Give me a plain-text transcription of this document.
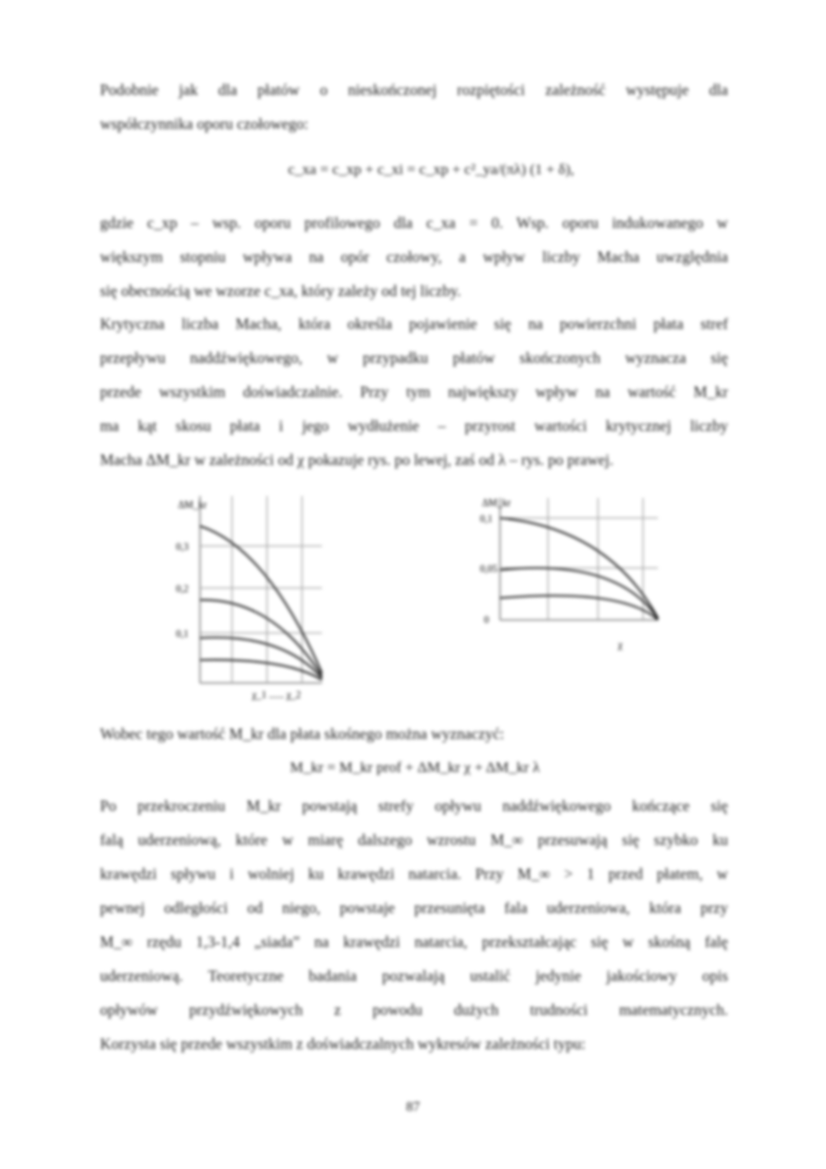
Podobnie jak dla płatów o nieskończonej rozpiętości zależność występuje dla
współczynnika oporu czołowego:
c_xa = c_xp + c_xi = c_xp + c²_ya/(πλ) (1 + δ),
gdzie c_xp – wsp. oporu profilowego dla c_xa = 0. Wsp. oporu indukowanego w
większym stopniu wpływa na opór czołowy, a wpływ liczby Macha uwzględnia
się obecnością we wzorze c_xa, który zależy od tej liczby.
Krytyczna liczba Macha, która określa pojawienie się na powierzchni płata stref
przepływu naddźwiękowego, w przypadku płatów skończonych wyznacza się
przede wszystkim doświadczalnie. Przy tym największy wpływ na wartość M_kr
ma kąt skosu płata i jego wydłużenie – przyrost wartości krytycznej liczby
Macha ΔM_kr w zależności od χ pokazuje rys. po lewej, zaś od λ – rys. po prawej.
ΔM_kr
0,3
0,2
0,1
χ_1 ...... χ_2
ΔM_kr
0,1
0,05
0
χ
Wobec tego wartość M_kr dla płata skośnego można wyznaczyć:
M_kr = M_kr prof + ΔM_kr χ + ΔM_kr λ
Po przekroczeniu M_kr powstają strefy opływu naddźwiękowego kończące się
falą uderzeniową, które w miarę dalszego wzrostu M_∞ przesuwają się szybko ku
krawędzi spływu i wolniej ku krawędzi natarcia. Przy M_∞ > 1 przed płatem, w
pewnej odległości od niego, powstaje przesunięta fala uderzeniowa, która przy
M_∞ rzędu 1,3-1,4 „siada” na krawędzi natarcia, przekształcając się w skośną falę
uderzeniową. Teoretyczne badania pozwalają ustalić jedynie jakościowy opis
opływów przydźwiękowych z powodu dużych trudności matematycznych.
Korzysta się przede wszystkim z doświadczalnych wykresów zależności typu:
87
